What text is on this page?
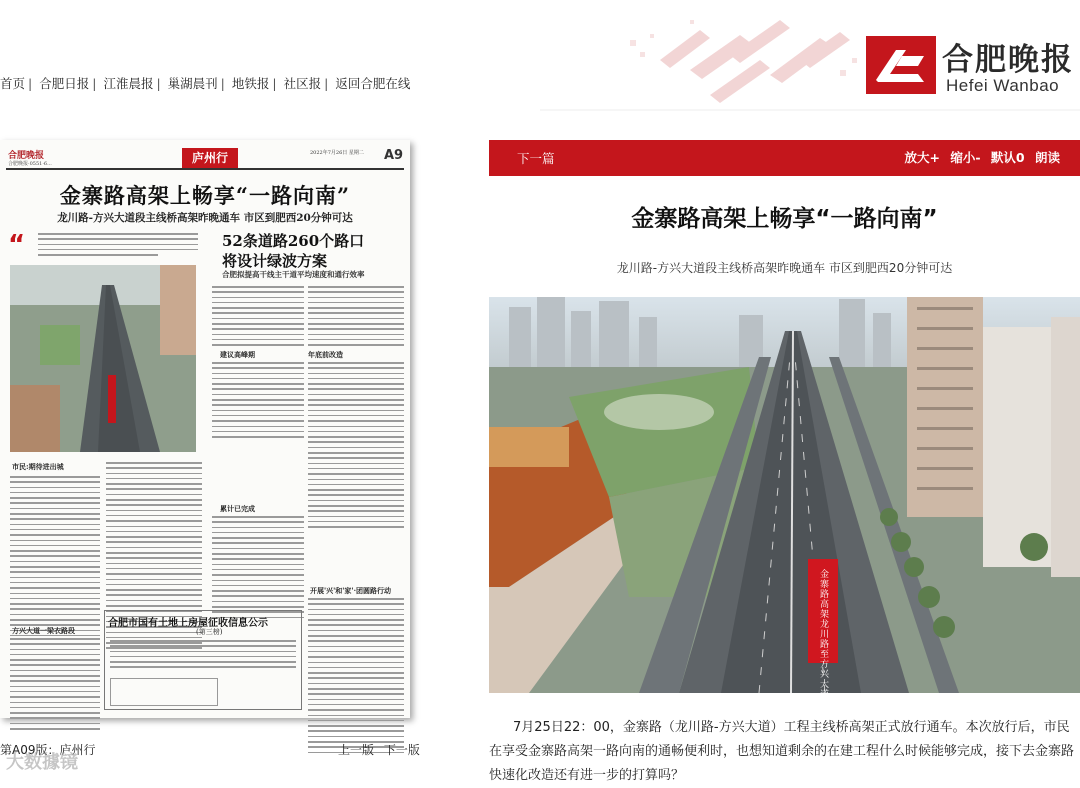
首页 | 合肥日报 | 江淮晨报 | 巢湖晨刊 | 地铁报 | 社区报 | 返回合肥在线
合肥晚报
Hefei Wanbao
合肥晚报
合肥晚报·0551·6...	庐州行	2022年7月26日 星期二 A9
金寨路高架上畅享“一路向南”
龙川路-方兴大道段主线桥高架昨晚通车 市区到肥西20分钟可达
“	52条道路260个路口
将设计绿波方案
合肥拟提高干线主干道平均速度和通行效率
建议高峰期	年底前改造
累计已完成
市民:期待进出城
方兴大道一梁衣路段
开展'兴'和'家'·团圆路行动
合肥市国有土地上房屋征收信息公示
(第三榜)
第A09版：庐州行
大数據镜
上一版 下一版
下一篇	放大+ 缩小- 默认0 朗读
金寨路高架上畅享“一路向南”
龙川路-方兴大道段主线桥高架昨晚通车 市区到肥西20分钟可达
金寨路高架龙川路至方兴大道段主线桥正式通车
7月25日22：00，金寨路（龙川路-方兴大道）工程主线桥高架正式放行通车。本次放行后，市民在享受金寨路高架一路向南的通畅便利时，也想知道剩余的在建工程什么时候能够完成，接下去金寨路快速化改造还有进一步的打算吗？
